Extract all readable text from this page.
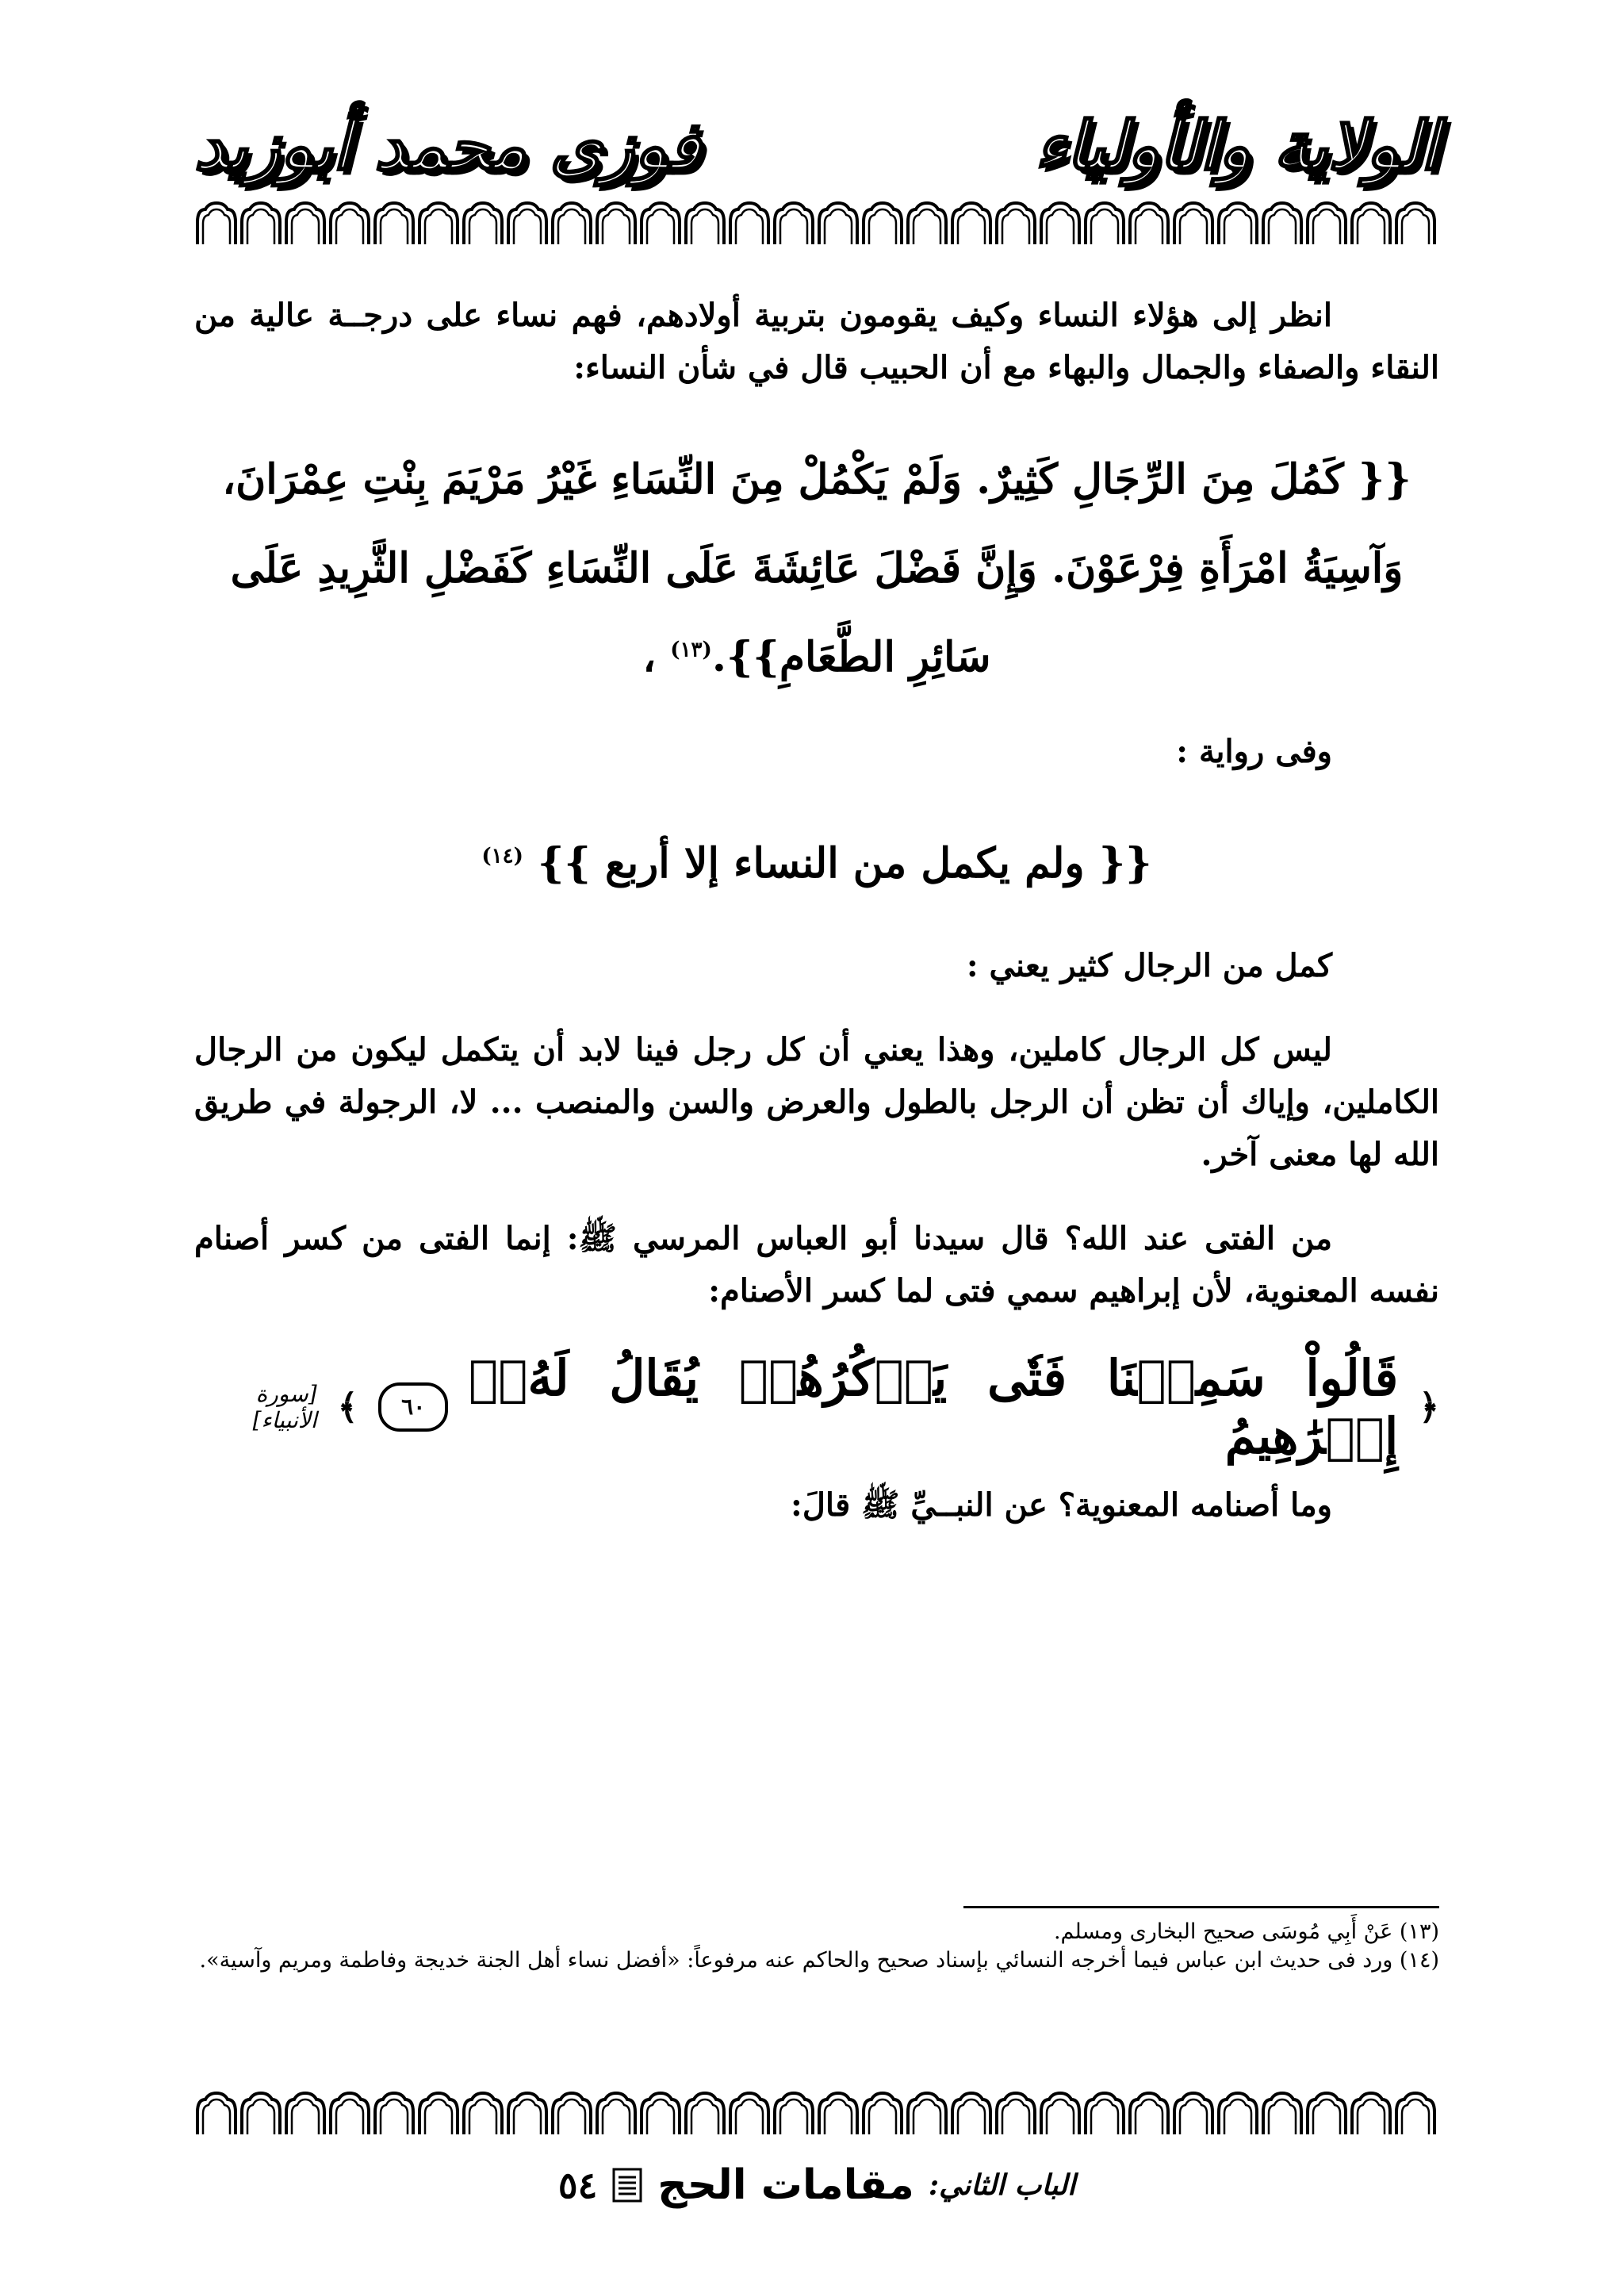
الولاية والأولياء
فوزى محمد أبوزيد

انظر إلى هؤلاء النساء وكيف يقومون بتربية أولادهم، فهم نساء على درجــة عالية من النقاء والصفاء والجمال والبهاء مع أن الحبيب قال في شأن النساء:

{{ كَمُلَ مِنَ الرِّجَالِ كَثِيرٌ. وَلَمْ يَكْمُلْ مِنَ النِّسَاءِ غَيْرُ مَرْيَمَ بِنْتِ عِمْرَانَ، وَآسِيَةُ امْرَأَةِ فِرْعَوْنَ. وَإِنَّ فَضْلَ عَائِشَةَ عَلَى النِّسَاءِ كَفَضْلِ الثَّرِيدِ عَلَى سَائِرِ الطَّعَامِ}}.$^{(١٣)}$ ،

وفى رواية :

{{ ولم يكمل من النساء إلا أربع }} $^{(١٤)}$

كمل من الرجال كثير يعني :

ليس كل الرجال كاملين، وهذا يعني أن كل رجل فينا لابد أن يتكمل ليكون من الرجال الكاملين، وإياك أن تظن أن الرجل بالطول والعرض والسن والمنصب ... لا، الرجولة في طريق الله لها معنى آخر.

من الفتى عند الله؟ قال سيدنا أبو العباس المرسي ﷺ: إنما الفتى من كسر أصنام نفسه المعنوية، لأن إبراهيم سمي فتى لما كسر الأصنام:

﴿
قَالُواْ سَمِعۡنَا فَتٗى يَذۡكُرُهُمۡ يُقَالُ لَهُۥٓ إِبۡرَٰهِيمُ
٦٠
﴾
[سورة الأنبياء]

وما أصنامه المعنوية؟ عن النبــيِّ ﷺ قالَ:

(١٣) عَنْ أَبِي مُوسَى صحيح البخارى ومسلم.

(١٤) ورد فى حديث ابن عباس فيما أخرجه النسائي بإسناد صحيح والحاكم عنه مرفوعاً: «أفضل نساء أهل الجنة خديجة وفاطمة ومريم وآسية».

الباب الثاني:
مقامات الحج
٥٤
